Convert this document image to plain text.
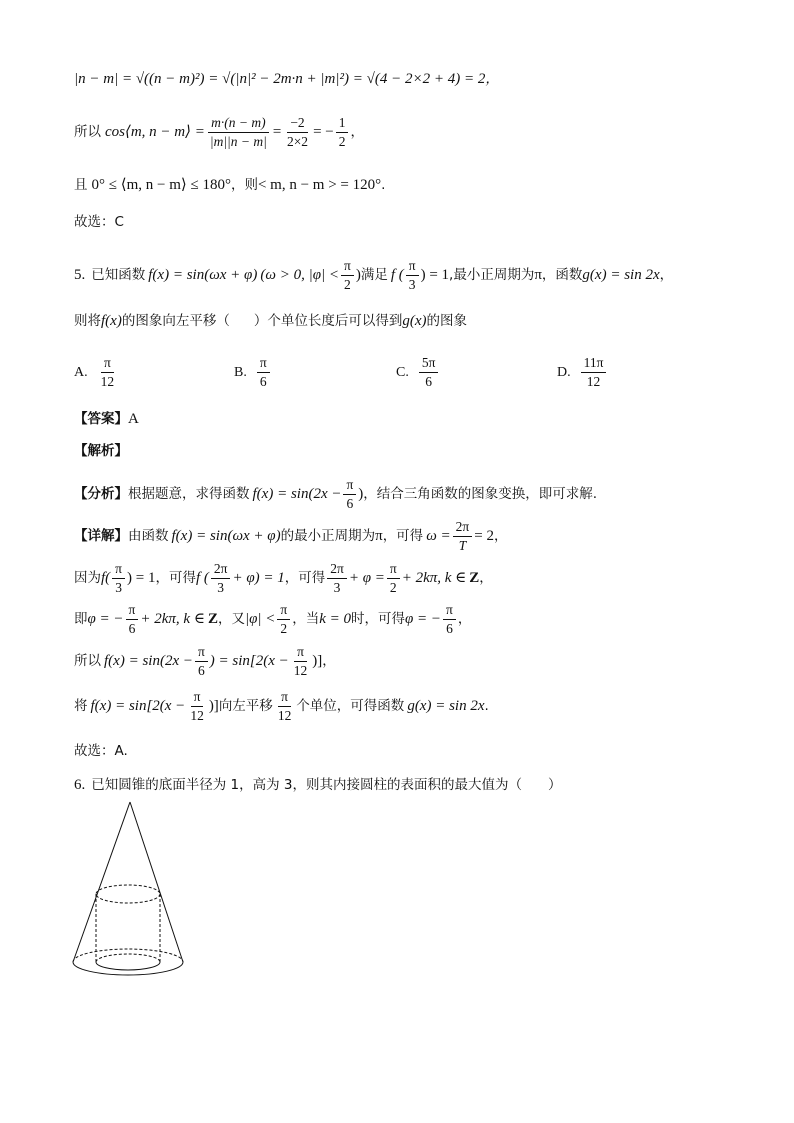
|n − m| = √((n − m)²) = √(|n|² − 2m·n + |m|²) = √(4 − 2×2 + 4) = 2 ，
所以 cos⟨m, n − m⟩ = $\frac{m\cdot(n - m)}{|m||n - m|} = \frac{-2}{2\times 2}$ = − $\frac{1}{2}$ ，
且 0° ≤ ⟨m, n − m⟩ ≤ 180° ，则 < m, n − m > = 120° .
故选：C
5. 已知函数 f(x) = sin(ωx + φ) (ω > 0, $|\varphi| < \frac{\pi}{2}$ ) 满足 f ( $\frac{\pi}{3}$ ) = 1 ,最小正周期为 π ，函数 g(x) = sin 2x ，
则将 f(x) 的图象向左平移（ ）个单位长度后可以得到 g(x) 的图象
A. $\frac{\pi}{12}$	B. $\frac{\pi}{6}$	C. $\frac{5\pi}{6}$	D. $\frac{11\pi}{12}$
【答案】 A
【解析】
【分析】 根据题意，求得函数 $f(x) = \sin(2x - \frac{\pi}{6}$ ) ，结合三角函数的图象变换，即可求解.
【详解】 由函数 f(x) = sin(ωx + φ) 的最小正周期为 π ，可得 $\omega = \frac{2\pi}{T} = 2$ ，
因为 $f( \frac{\pi}{3}$ ) = 1 ，可得 f ( $\frac{2\pi}{3} + \varphi) = 1$ ，可得 $\frac{2\pi}{3} + \varphi = \frac{\pi}{2} + 2k\pi$, k ∈ Z ，
即 φ = − $\frac{\pi}{6} + 2k\pi$, k ∈ Z ，又 $|\varphi| < \frac{\pi}{2}$ ，当 k = 0 时，可得 φ = − $\frac{\pi}{6}$ ，
所以 $f(x) = \sin(2x - \frac{\pi}{6}$ ) = $\sin[2(x - \frac{\pi}{12}$ )] ，
将 $f(x) = \sin[2(x - \frac{\pi}{12}$ )] 向左平移 $\frac{\pi}{12}$ 个单位，可得函数 g(x) = sin 2x .
故选：A.
6. 已知圆锥的底面半径为 1，高为 3，则其内接圆柱的表面积的最大值为（ ）
